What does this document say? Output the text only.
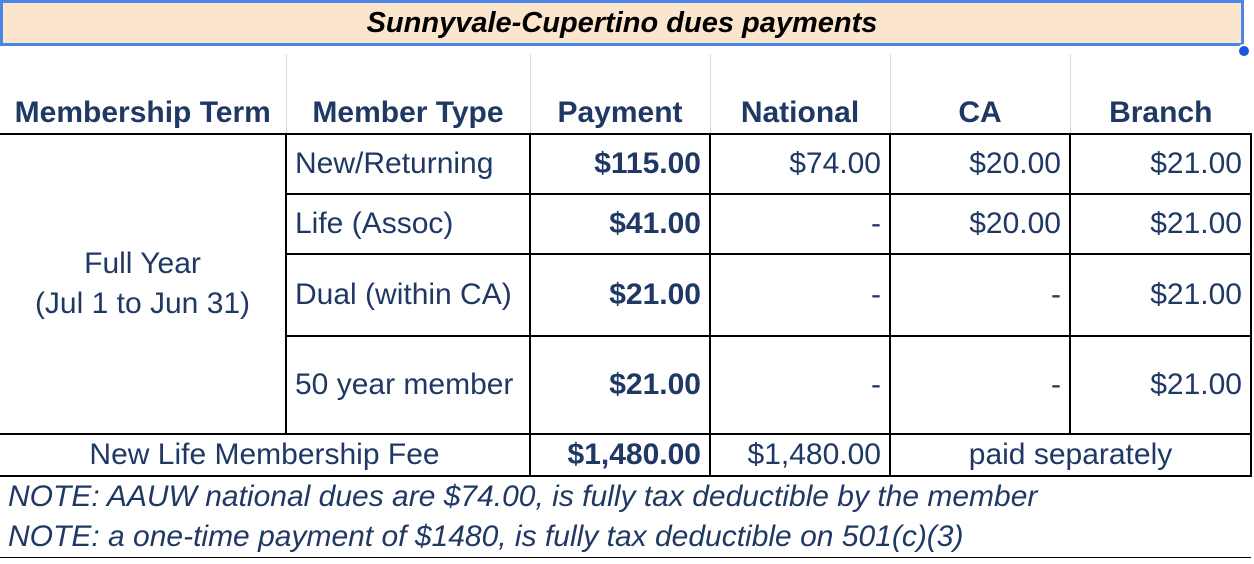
Sunnyvale-Cupertino dues payments
Membership Term	Member Type	Payment	National	CA	Branch

Full Year
(Jul 1 to Jun 31)	New/Returning	$115.00	$74.00	$20.00	$21.00
	Life (Assoc)	$41.00	-	$20.00	$21.00
	Dual (within CA)	$21.00	-	-	$21.00
	50 year member	$21.00	-	-	$21.00
New Life Membership Fee		$1,480.00	$1,480.00	paid separately	
NOTE: AAUW national dues are $74.00, is fully tax deductible by the member					
NOTE: a one-time payment of $1480, is fully tax deductible on 501(c)(3)					
